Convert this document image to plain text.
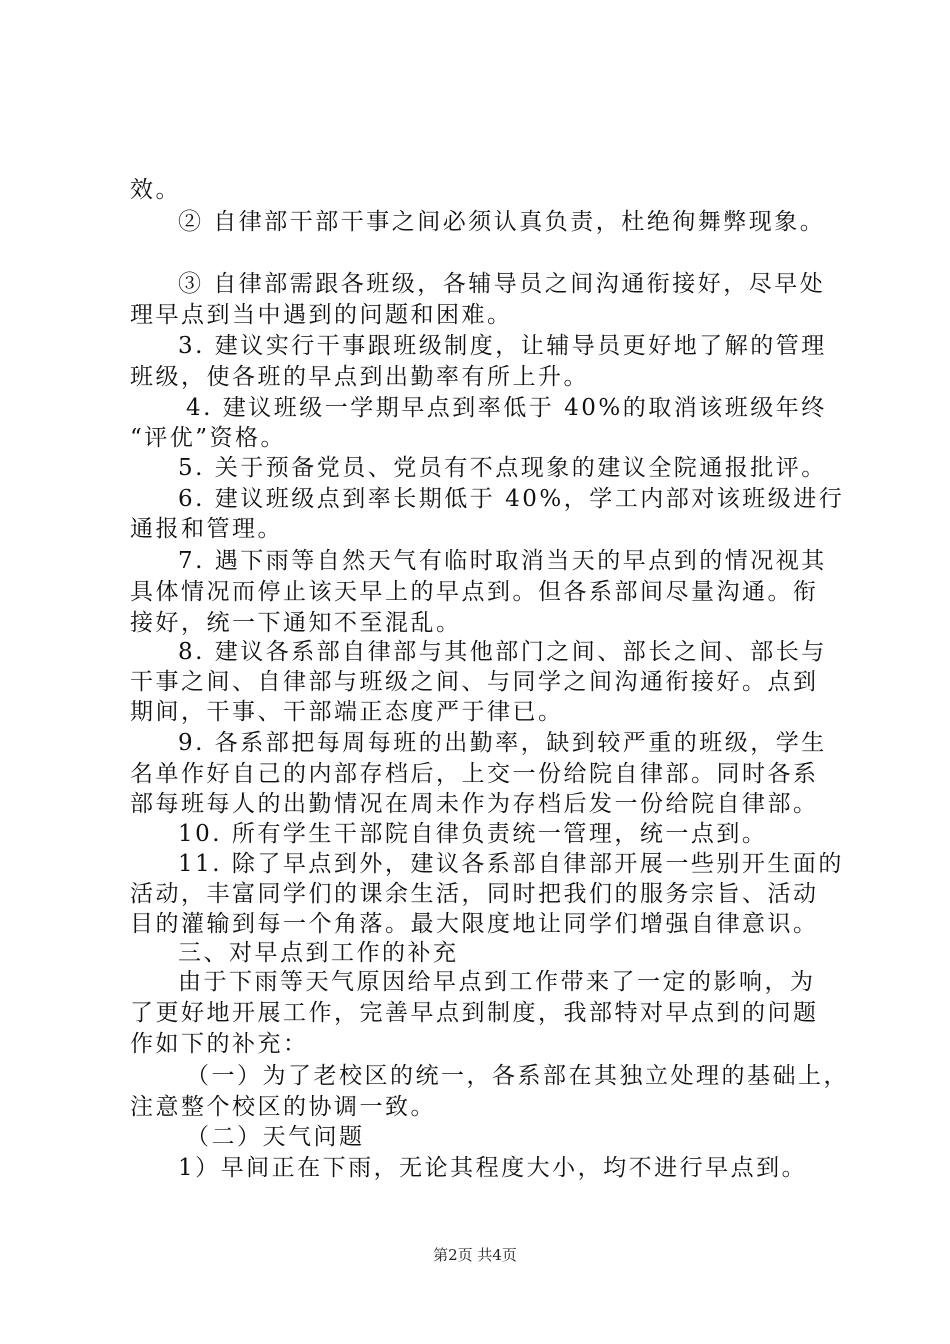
效。
② 自律部干部干事之间必须认真负责，杜绝徇舞弊现象。
③ 自律部需跟各班级，各辅导员之间沟通衔接好，尽早处
理早点到当中遇到的问题和困难。
3. 建议实行干事跟班级制度，让辅导员更好地了解的管理
班级，使各班的早点到出勤率有所上升。
4. 建议班级一学期早点到率低于 40%的取消该班级年终
“评优”资格。
5. 关于预备党员、党员有不点现象的建议全院通报批评。
6. 建议班级点到率长期低于 40%，学工内部对该班级进行
通报和管理。
7. 遇下雨等自然天气有临时取消当天的早点到的情况视其
具体情况而停止该天早上的早点到。但各系部间尽量沟通。衔
接好，统一下通知不至混乱。
8. 建议各系部自律部与其他部门之间、部长之间、部长与
干事之间、自律部与班级之间、与同学之间沟通衔接好。点到
期间，干事、干部端正态度严于律已。
9. 各系部把每周每班的出勤率，缺到较严重的班级，学生
名单作好自己的内部存档后，上交一份给院自律部。同时各系
部每班每人的出勤情况在周未作为存档后发一份给院自律部。
10. 所有学生干部院自律负责统一管理，统一点到。
11. 除了早点到外，建议各系部自律部开展一些别开生面的
活动，丰富同学们的课余生活，同时把我们的服务宗旨、活动
目的灌输到每一个角落。最大限度地让同学们增强自律意识。
三、对早点到工作的补充
由于下雨等天气原因给早点到工作带来了一定的影响，为
了更好地开展工作，完善早点到制度，我部特对早点到的问题
作如下的补充：
（一）为了老校区的统一，各系部在其独立处理的基础上，
注意整个校区的协调一致。
（二）天气问题
1）早间正在下雨，无论其程度大小，均不进行早点到。
第2页 共4页
